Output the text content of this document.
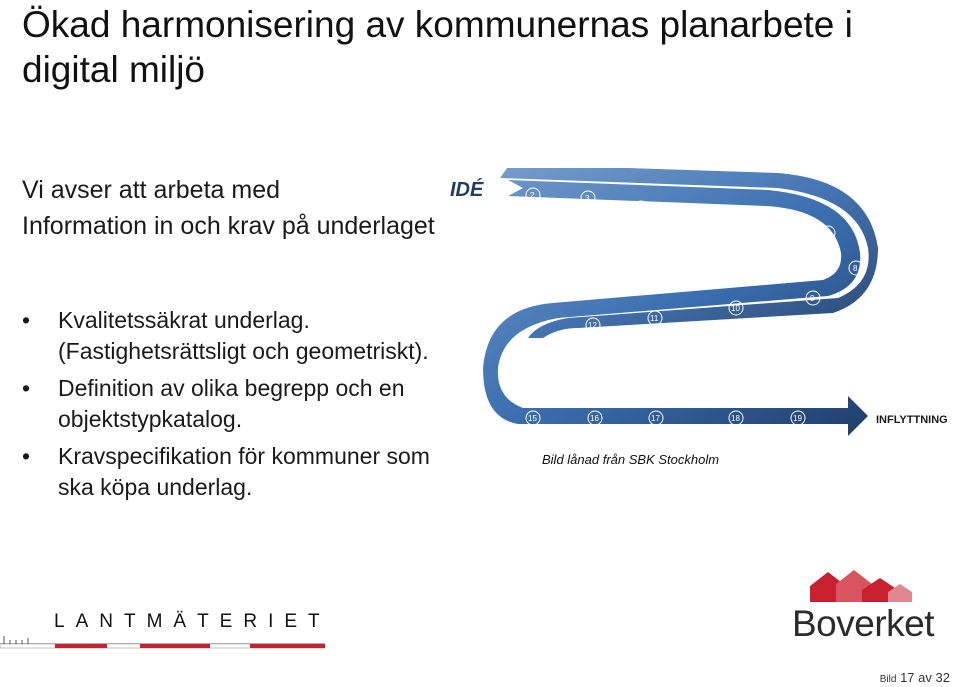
Ökad harmonisering av kommunernas planarbete i digital miljö
Vi avser att arbeta med
Information in och krav på underlaget
• Kvalitetssäkrat underlag. (Fastighetsrättsligt och geometriskt).
• Definition av olika begrepp och en objektstypkatalog.
• Kravspecifikation för kommuner som ska köpa underlag.
2	3
4
5
6
7
8
9
10
11
12
14
15	16	17	18	19
IDÉ
INFLYTTNING
Bild lånad från SBK Stockholm
LANTMÄTERIET	Boverket
Bild 17 av 32
